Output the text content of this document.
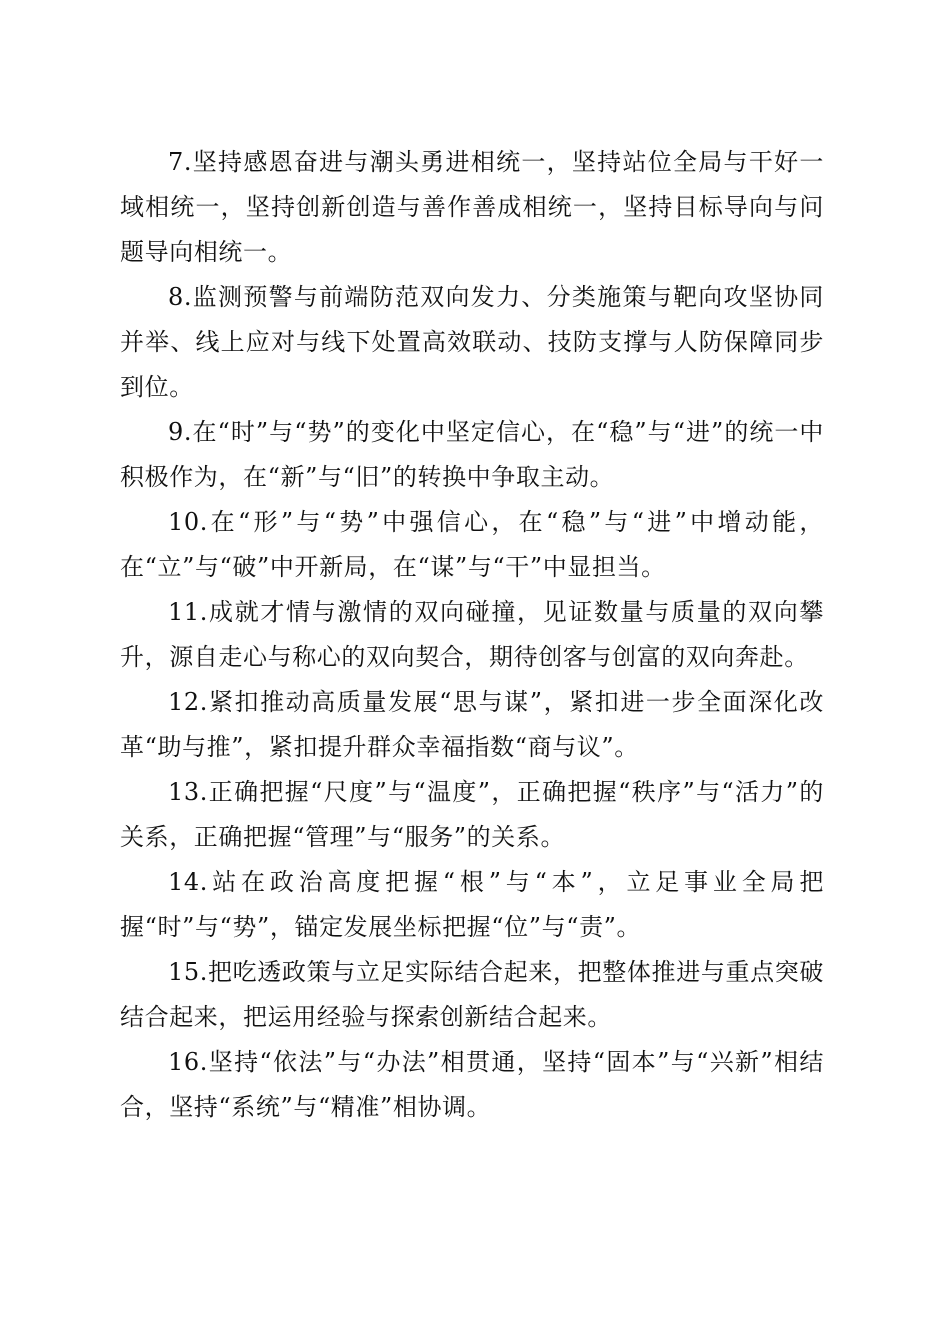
7.坚持感恩奋进与潮头勇进相统一，坚持站位全局与干好一域相统一，坚持创新创造与善作善成相统一，坚持目标导向与问题导向相统一。

8.监测预警与前端防范双向发力、分类施策与靶向攻坚协同并举、线上应对与线下处置高效联动、技防支撑与人防保障同步到位。

9.在“时”与“势”的变化中坚定信心，在“稳”与“进”的统一中积极作为，在“新”与“旧”的转换中争取主动。

10.在“形”与“势”中强信心，在“稳”与“进”中增动能，在“立”与“破”中开新局，在“谋”与“干”中显担当。

11.成就才情与激情的双向碰撞，见证数量与质量的双向攀升，源自走心与称心的双向契合，期待创客与创富的双向奔赴。

12.紧扣推动高质量发展“思与谋”，紧扣进一步全面深化改革“助与推”，紧扣提升群众幸福指数“商与议”。

13.正确把握“尺度”与“温度”，正确把握“秩序”与“活力”的关系，正确把握“管理”与“服务”的关系。

14.站在政治高度把握“根”与“本”，立足事业全局把握“时”与“势”，锚定发展坐标把握“位”与“责”。

15.把吃透政策与立足实际结合起来，把整体推进与重点突破结合起来，把运用经验与探索创新结合起来。

16.坚持“依法”与“办法”相贯通，坚持“固本”与“兴新”相结合，坚持“系统”与“精准”相协调。
